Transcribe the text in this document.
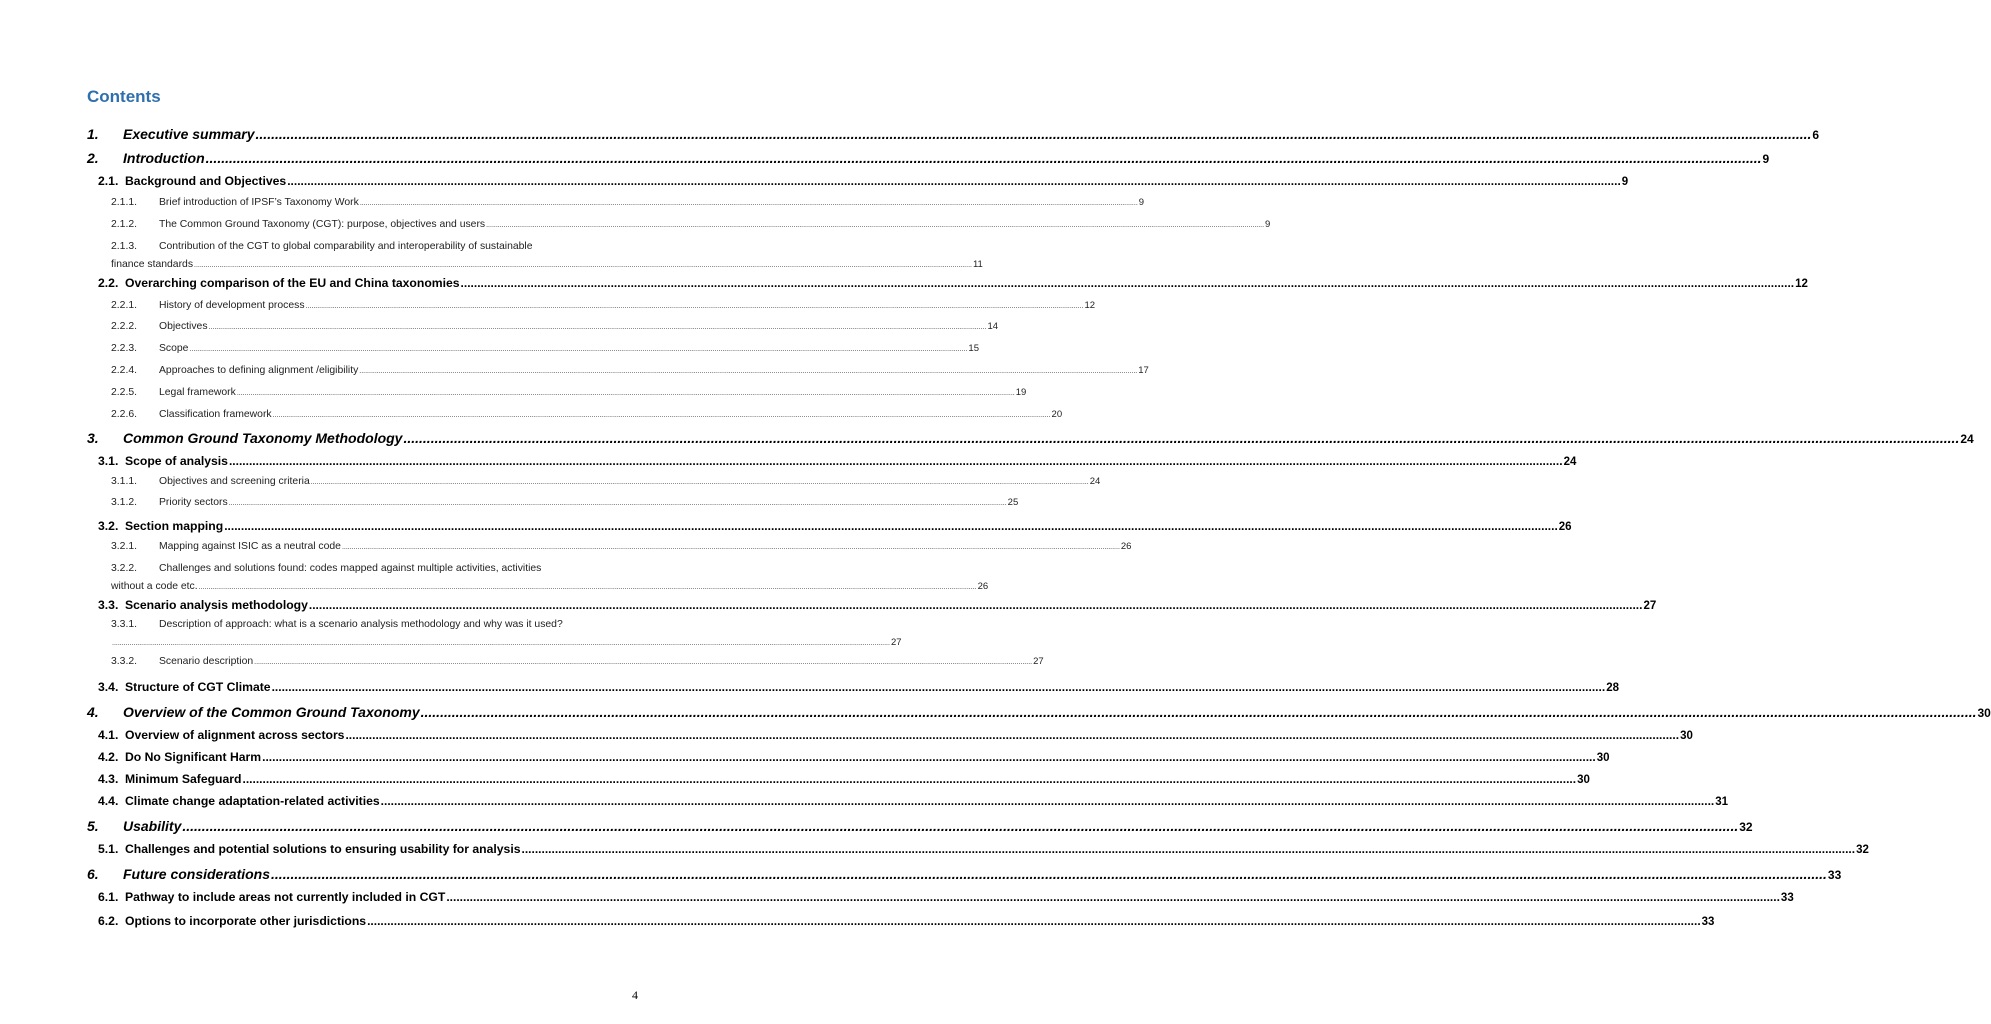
Contents
1.	Executive summary ................................................................................................................................................................................................................................................................................................................................................................................................................ 6
2.	Introduction ................................................................................................................................................................................................................................................................................................................................................................................................................ 9
2.1. Background and Objectives ................................................................................................................................................................................................................................................................................................................................................................................................................ 9
2.1.1.	Brief introduction of IPSF’s Taxonomy Work ................................................................................................................................................................................................................................................................................................................................................................................................................ 9
2.1.2.	The Common Ground Taxonomy (CGT): purpose, objectives and users ................................................................................................................................................................................................................................................................................................................................................................................................................ 9
2.1.3.	Contribution of the CGT to global comparability and interoperability of sustainable
finance standards ................................................................................................................................................................................................................................................................................................................................................................................................................ 11
2.2. Overarching comparison of the EU and China taxonomies ................................................................................................................................................................................................................................................................................................................................................................................................................ 12
2.2.1.	History of development process ................................................................................................................................................................................................................................................................................................................................................................................................................ 12
2.2.2.	Objectives ................................................................................................................................................................................................................................................................................................................................................................................................................ 14
2.2.3.	Scope ................................................................................................................................................................................................................................................................................................................................................................................................................ 15
2.2.4.	Approaches to defining alignment /eligibility ................................................................................................................................................................................................................................................................................................................................................................................................................ 17
2.2.5.	Legal framework ................................................................................................................................................................................................................................................................................................................................................................................................................ 19
2.2.6.	Classification framework ................................................................................................................................................................................................................................................................................................................................................................................................................ 20
3.	Common Ground Taxonomy Methodology ................................................................................................................................................................................................................................................................................................................................................................................................................ 24
3.1. Scope of analysis ................................................................................................................................................................................................................................................................................................................................................................................................................ 24
3.1.1.	Objectives and screening criteria ................................................................................................................................................................................................................................................................................................................................................................................................................ 24
3.1.2.	Priority sectors ................................................................................................................................................................................................................................................................................................................................................................................................................ 25
3.2. Section mapping ................................................................................................................................................................................................................................................................................................................................................................................................................ 26
3.2.1.	Mapping against ISIC as a neutral code ................................................................................................................................................................................................................................................................................................................................................................................................................ 26
3.2.2.	Challenges and solutions found: codes mapped against multiple activities, activities
without a code etc. ................................................................................................................................................................................................................................................................................................................................................................................................................ 26
3.3. Scenario analysis methodology ................................................................................................................................................................................................................................................................................................................................................................................................................ 27
3.3.1.	Description of approach: what is a scenario analysis methodology and why was it used?
................................................................................................................................................................................................................................................................................................................................................................................................................ 27
3.3.2.	Scenario description ................................................................................................................................................................................................................................................................................................................................................................................................................ 27
3.4. Structure of CGT Climate ................................................................................................................................................................................................................................................................................................................................................................................................................ 28
4.	Overview of the Common Ground Taxonomy ................................................................................................................................................................................................................................................................................................................................................................................................................ 30
4.1. Overview of alignment across sectors ................................................................................................................................................................................................................................................................................................................................................................................................................ 30
4.2. Do No Significant Harm ................................................................................................................................................................................................................................................................................................................................................................................................................ 30
4.3. Minimum Safeguard ................................................................................................................................................................................................................................................................................................................................................................................................................ 30
4.4. Climate change adaptation-related activities ................................................................................................................................................................................................................................................................................................................................................................................................................ 31
5.	Usability ................................................................................................................................................................................................................................................................................................................................................................................................................ 32
5.1. Challenges and potential solutions to ensuring usability for analysis ................................................................................................................................................................................................................................................................................................................................................................................................................ 32
6.	Future considerations ................................................................................................................................................................................................................................................................................................................................................................................................................ 33
6.1. Pathway to include areas not currently included in CGT ................................................................................................................................................................................................................................................................................................................................................................................................................ 33
6.2. Options to incorporate other jurisdictions ................................................................................................................................................................................................................................................................................................................................................................................................................ 33
4
